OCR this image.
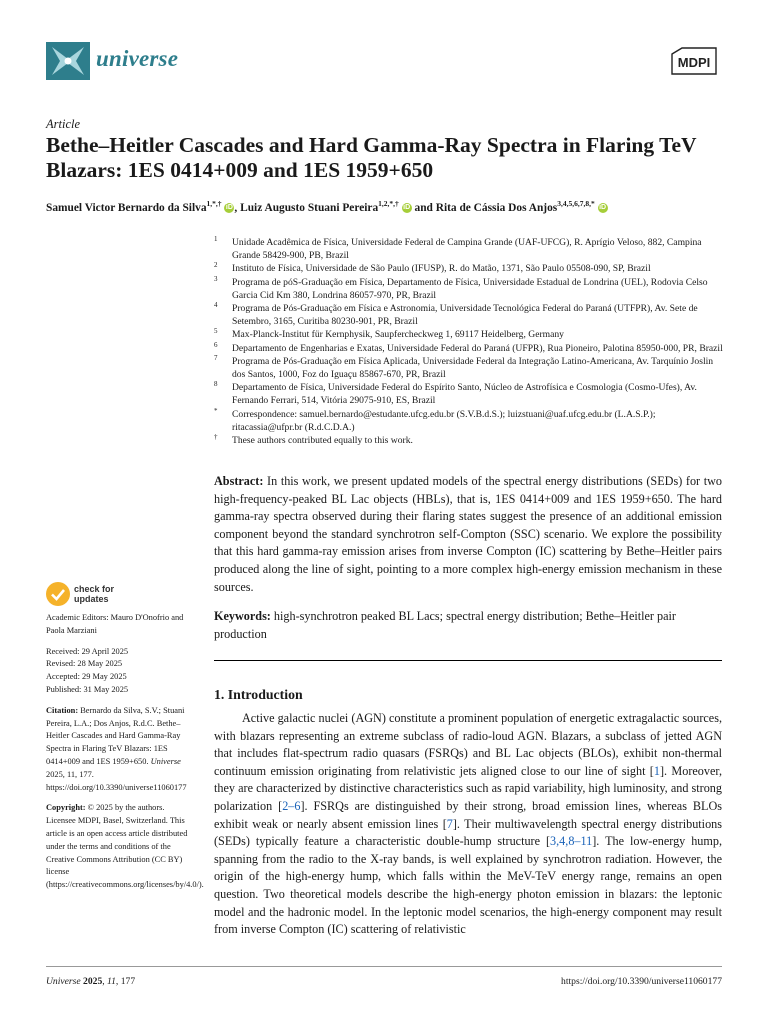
universe	MDPI
Article
Bethe–Heitler Cascades and Hard Gamma-Ray Spectra in Flaring TeV Blazars: 1ES 0414+009 and 1ES 1959+650
Samuel Victor Bernardo da Silva$^{1,*,\dagger}$ iD , Luiz Augusto Stuani Pereira$^{1,2,*,\dagger}$ iD and Rita de Cássia Dos Anjos$^{3,4,5,6,7,8,*}$ iD

1 Unidade Acadêmica de Física, Universidade Federal de Campina Grande (UAF-UFCG), R. Aprígio Veloso, 882, Campina Grande 58429-900, PB, Brazil

2 Instituto de Física, Universidade de São Paulo (IFUSP), R. do Matão, 1371, São Paulo 05508-090, SP, Brazil

3 Programa de póS-Graduação em Física, Departamento de Física, Universidade Estadual de Londrina (UEL), Rodovia Celso Garcia Cid Km 380, Londrina 86057-970, PR, Brazil

4 Programa de Pós-Graduação em Física e Astronomia, Universidade Tecnológica Federal do Paraná (UTFPR), Av. Sete de Setembro, 3165, Curitiba 80230-901, PR, Brazil

5 Max-Planck-Institut für Kernphysik, Saupfercheckweg 1, 69117 Heidelberg, Germany

6 Departamento de Engenharias e Exatas, Universidade Federal do Paraná (UFPR), Rua Pioneiro, Palotina 85950-000, PR, Brazil

7 Programa de Pós-Graduação em Física Aplicada, Universidade Federal da Integração Latino-Americana, Av. Tarquínio Joslin dos Santos, 1000, Foz do Iguaçu 85867-670, PR, Brazil

8 Departamento de Física, Universidade Federal do Espírito Santo, Núcleo de Astrofísica e Cosmologia (Cosmo-Ufes), Av. Fernando Ferrari, 514, Vitória 29075-910, ES, Brazil

* Correspondence: samuel.bernardo@estudante.ufcg.edu.br (S.V.B.d.S.); luizstuani@uaf.ufcg.edu.br (L.A.S.P.); ritacassia@ufpr.br (R.d.C.D.A.)

† These authors contributed equally to this work.

Abstract: In this work, we present updated models of the spectral energy distributions (SEDs) for two high-frequency-peaked BL Lac objects (HBLs), that is, 1ES 0414+009 and 1ES 1959+650. The hard gamma-ray spectra observed during their flaring states suggest the presence of an additional emission component beyond the standard synchrotron self-Compton (SSC) scenario. We explore the possibility that this hard gamma-ray emission arises from inverse Compton (IC) scattering by Bethe–Heitler pairs produced along the line of sight, pointing to a more complex high-energy emission mechanism in these sources.
Keywords: high-synchrotron peaked BL Lacs; spectral energy distribution; Bethe–Heitler pair production
1. Introduction

Active galactic nuclei (AGN) constitute a prominent population of energetic extragalactic sources, with blazars representing an extreme subclass of radio-loud AGN. Blazars, a subclass of jetted AGN that includes flat-spectrum radio quasars (FSRQs) and BL Lac objects (BLOs), exhibit non-thermal continuum emission originating from relativistic jets aligned close to our line of sight [1]. Moreover, they are characterized by distinctive characteristics such as rapid variability, high luminosity, and strong polarization [2–6]. FSRQs are distinguished by their strong, broad emission lines, whereas BLOs exhibit weak or nearly absent emission lines [7]. Their multiwavelength spectral energy distributions (SEDs) typically feature a characteristic double-hump structure [3,4,8–11]. The low-energy hump, spanning from the radio to the X-ray bands, is well explained by synchrotron radiation. However, the origin of the high-energy hump, which falls within the MeV-TeV energy range, remains an open question. Two theoretical models describe the high-energy photon emission in blazars: the leptonic model and the hadronic model. In the leptonic model scenarios, the high-energy component may result from inverse Compton (IC) scattering of relativistic

check for
updates

Academic Editors: Mauro D'Onofrio and Paola Marziani

Received: 29 April 2025
Revised: 28 May 2025
Accepted: 29 May 2025

Published: 31 May 2025

Citation: Bernardo da Silva, S.V.; Stuani Pereira, L.A.; Dos Anjos, R.d.C. Bethe–Heitler Cascades and Hard Gamma-Ray Spectra in Flaring TeV Blazars: 1ES 0414+009 and 1ES 1959+650. Universe 2025, 11, 177. https://doi.org/10.3390/universe11060177

Copyright: © 2025 by the authors. Licensee MDPI, Basel, Switzerland. This article is an open access article distributed under the terms and conditions of the Creative Commons Attribution (CC BY) license (https://creativecommons.org/licenses/by/4.0/).

Universe 2025, 11, 177	https://doi.org/10.3390/universe11060177
